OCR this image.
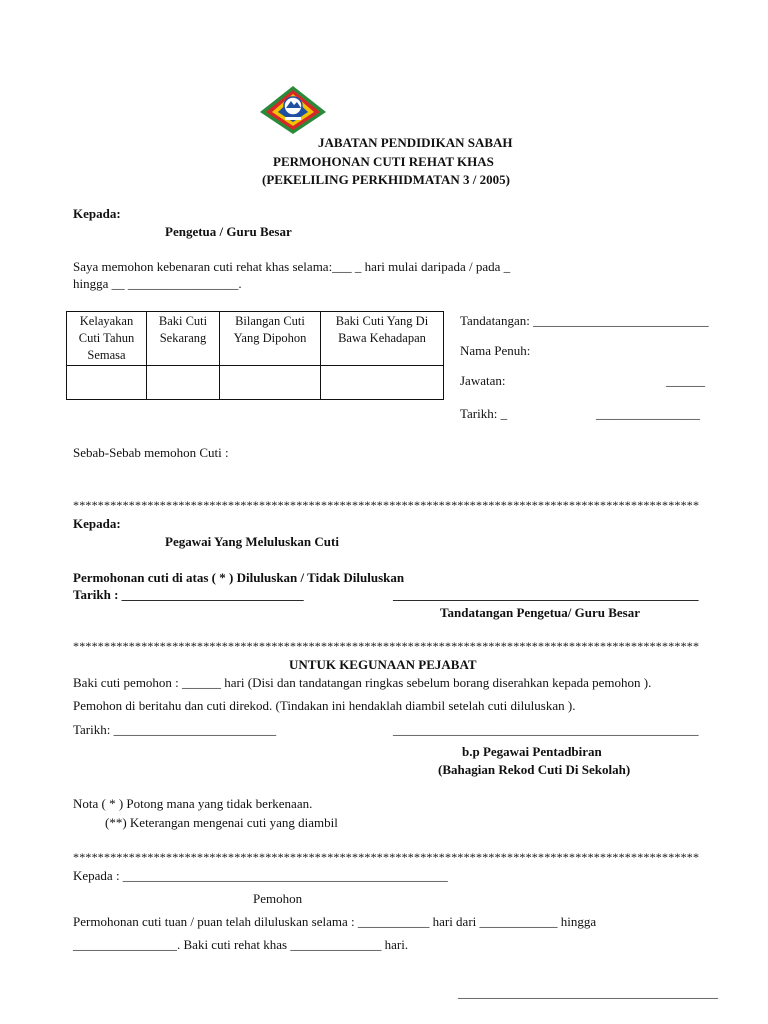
JABATAN PENDIDIKAN SABAH
PERMOHONAN CUTI REHAT KHAS
(PEKELILING PERKHIDMATAN 3 / 2005)
Kepada:
Pengetua / Guru Besar
Saya memohon kebenaran cuti rehat khas selama:___ _ hari mulai daripada / pada _
hingga __ _________________.
Kelayakan Cuti Tahun Semasa	Baki Cuti Sekarang	Bilangan Cuti Yang Dipohon	Baki Cuti Yang Di Bawa Kehadapan

Tandatangan: ___________________________
Nama Penuh:
Jawatan:	______
Tarikh: _	________________
Sebab-Sebab memohon Cuti :
*****************************************************************************************************
Kepada:
Pegawai Yang Meluluskan Cuti
Permohonan cuti di atas ( * ) Diluluskan / Tidak Diluluskan
Tarikh : ____________________________	_______________________________________________
Tandatangan Pengetua/ Guru Besar
*****************************************************************************************************
UNTUK KEGUNAAN PEJABAT
Baki cuti pemohon : ______ hari (Disi dan tandatangan ringkas sebelum borang diserahkan kepada pemohon ).
Pemohon di beritahu dan cuti direkod. (Tindakan ini hendaklah diambil setelah cuti diluluskan ).
Tarikh: _________________________	_______________________________________________
b.p Pegawai Pentadbiran
(Bahagian Rekod Cuti Di Sekolah)
Nota ( * ) Potong mana yang tidak berkenaan.
(**) Keterangan mengenai cuti yang diambil
*****************************************************************************************************
Kepada : __________________________________________________
Pemohon
Permohonan cuti tuan / puan telah diluluskan selama : ___________ hari dari ____________ hingga
________________. Baki cuti rehat khas ______________ hari.
________________________________________
